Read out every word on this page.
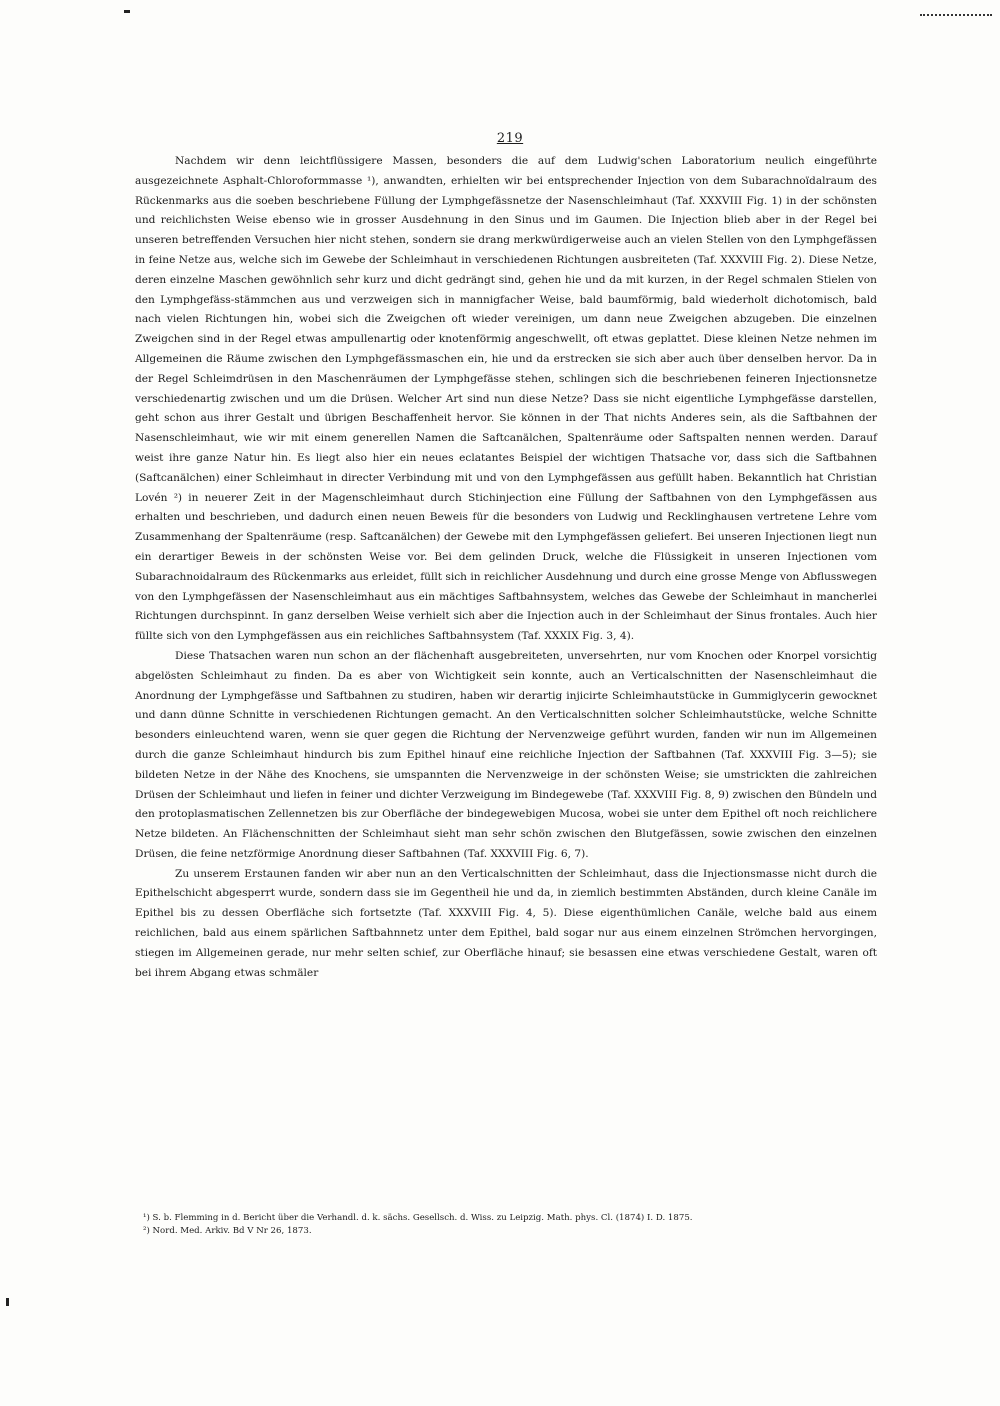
219

Nachdem wir denn leichtflüssigere Massen, besonders die auf dem Ludwig'schen Laboratorium neulich eingeführte ausgezeichnete Asphalt-Chloroformmasse ¹), anwandten, erhielten wir bei entsprechender Injection von dem Subarachnoïdalraum des Rückenmarks aus die soeben beschriebene Füllung der Lymphgefässnetze der Nasenschleimhaut (Taf. XXXVIII Fig. 1) in der schönsten und reichlichsten Weise ebenso wie in grosser Ausdehnung in den Sinus und im Gaumen. Die Injection blieb aber in der Regel bei unseren betreffenden Versuchen hier nicht stehen, sondern sie drang merkwürdigerweise auch an vielen Stellen von den Lymphgefässen in feine Netze aus, welche sich im Gewebe der Schleimhaut in verschiedenen Richtungen ausbreiteten (Taf. XXXVIII Fig. 2). Diese Netze, deren einzelne Maschen gewöhnlich sehr kurz und dicht gedrängt sind, gehen hie und da mit kurzen, in der Regel schmalen Stielen von den Lymphgefäss-stämmchen aus und verzweigen sich in mannigfacher Weise, bald baumförmig, bald wiederholt dichotomisch, bald nach vielen Richtungen hin, wobei sich die Zweigchen oft wieder vereinigen, um dann neue Zweigchen abzugeben. Die einzelnen Zweigchen sind in der Regel etwas ampullenartig oder knotenförmig angeschwellt, oft etwas geplattet. Diese kleinen Netze nehmen im Allgemeinen die Räume zwischen den Lymphgefässmaschen ein, hie und da erstrecken sie sich aber auch über denselben hervor. Da in der Regel Schleimdrüsen in den Maschenräumen der Lymphgefässe stehen, schlingen sich die beschriebenen feineren Injectionsnetze verschiedenartig zwischen und um die Drüsen. Welcher Art sind nun diese Netze? Dass sie nicht eigentliche Lymphgefässe darstellen, geht schon aus ihrer Gestalt und übrigen Beschaffenheit hervor. Sie können in der That nichts Anderes sein, als die Saftbahnen der Nasenschleimhaut, wie wir mit einem generellen Namen die Saftcanälchen, Spaltenräume oder Saftspalten nennen werden. Darauf weist ihre ganze Natur hin. Es liegt also hier ein neues eclatantes Beispiel der wichtigen Thatsache vor, dass sich die Saftbahnen (Saftcanälchen) einer Schleimhaut in directer Verbindung mit und von den Lymphgefässen aus gefüllt haben. Bekanntlich hat Christian Lovén ²) in neuerer Zeit in der Magenschleimhaut durch Stichinjection eine Füllung der Saftbahnen von den Lymphgefässen aus erhalten und beschrieben, und dadurch einen neuen Beweis für die besonders von Ludwig und Recklinghausen vertretene Lehre vom Zusammenhang der Spaltenräume (resp. Saftcanälchen) der Gewebe mit den Lymphgefässen geliefert. Bei unseren Injectionen liegt nun ein derartiger Beweis in der schönsten Weise vor. Bei dem gelinden Druck, welche die Flüssigkeit in unseren Injectionen vom Subarachnoidalraum des Rückenmarks aus erleidet, füllt sich in reichlicher Ausdehnung und durch eine grosse Menge von Abflusswegen von den Lymphgefässen der Nasenschleimhaut aus ein mächtiges Saftbahnsystem, welches das Gewebe der Schleimhaut in mancherlei Richtungen durchspinnt. In ganz derselben Weise verhielt sich aber die Injection auch in der Schleimhaut der Sinus frontales. Auch hier füllte sich von den Lymphgefässen aus ein reichliches Saftbahnsystem (Taf. XXXIX Fig. 3, 4).

Diese Thatsachen waren nun schon an der flächenhaft ausgebreiteten, unversehrten, nur vom Knochen oder Knorpel vorsichtig abgelösten Schleimhaut zu finden. Da es aber von Wichtigkeit sein konnte, auch an Verticalschnitten der Nasenschleimhaut die Anordnung der Lymphgefässe und Saftbahnen zu studiren, haben wir derartig injicirte Schleimhautstücke in Gummiglycerin gewocknet und dann dünne Schnitte in verschiedenen Richtungen gemacht. An den Verticalschnitten solcher Schleimhautstücke, welche Schnitte besonders einleuchtend waren, wenn sie quer gegen die Richtung der Nervenzweige geführt wurden, fanden wir nun im Allgemeinen durch die ganze Schleimhaut hindurch bis zum Epithel hinauf eine reichliche Injection der Saftbahnen (Taf. XXXVIII Fig. 3—5); sie bildeten Netze in der Nähe des Knochens, sie umspannten die Nervenzweige in der schönsten Weise; sie umstrickten die zahlreichen Drüsen der Schleimhaut und liefen in feiner und dichter Verzweigung im Bindegewebe (Taf. XXXVIII Fig. 8, 9) zwischen den Bündeln und den protoplasmatischen Zellennetzen bis zur Oberfläche der bindegewebigen Mucosa, wobei sie unter dem Epithel oft noch reichlichere Netze bildeten. An Flächenschnitten der Schleimhaut sieht man sehr schön zwischen den Blutgefässen, sowie zwischen den einzelnen Drüsen, die feine netzförmige Anordnung dieser Saftbahnen (Taf. XXXVIII Fig. 6, 7).

Zu unserem Erstaunen fanden wir aber nun an den Verticalschnitten der Schleimhaut, dass die Injectionsmasse nicht durch die Epithelschicht abgesperrt wurde, sondern dass sie im Gegentheil hie und da, in ziemlich bestimmten Abständen, durch kleine Canäle im Epithel bis zu dessen Oberfläche sich fortsetzte (Taf. XXXVIII Fig. 4, 5). Diese eigenthümlichen Canäle, welche bald aus einem reichlichen, bald aus einem spärlichen Saftbahnnetz unter dem Epithel, bald sogar nur aus einem einzelnen Strömchen hervorgingen, stiegen im Allgemeinen gerade, nur mehr selten schief, zur Oberfläche hinauf; sie besassen eine etwas verschiedene Gestalt, waren oft bei ihrem Abgang etwas schmäler

¹) S. b. Flemming in d. Bericht über die Verhandl. d. k. sächs. Gesellsch. d. Wiss. zu Leipzig. Math. phys. Cl. (1874) I. D. 1875.
²) Nord. Med. Arkiv. Bd V Nr 26, 1873.
